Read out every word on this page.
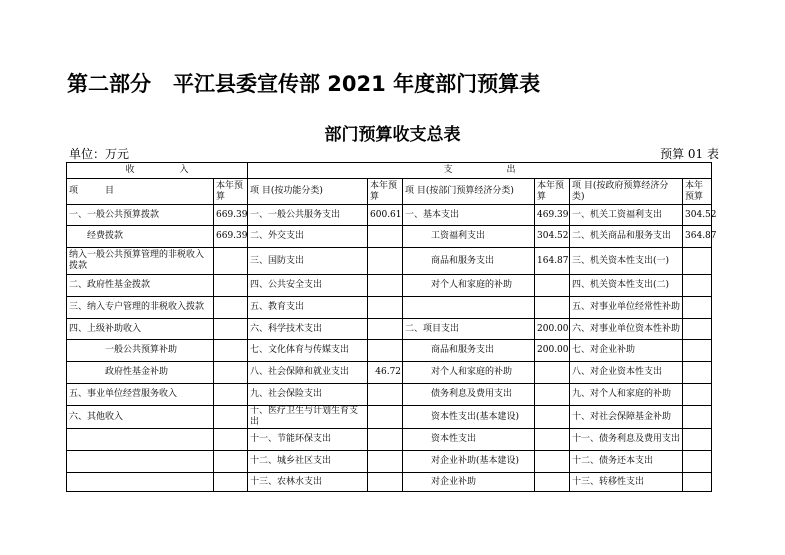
第二部分 平江县委宣传部 2021 年度部门预算表
部门预算收支总表
单位：万元	预算 01 表
收　　　　　入		支　　　　　　出					
项　　　目	本年预算	项 目(按功能分类)	本年预算	项 目(按部门预算经济分类)	本年预算	项 目(按政府预算经济分类)	本年预算
一、一般公共预算拨款	669.39	一、一般公共服务支出	600.61	一、基本支出	469.39	一、机关工资福利支出	304.52
经费拨款	669.39	二、外交支出		工资福利支出	304.52	二、机关商品和服务支出	364.87
纳入一般公共预算管理的非税收入拨款		三、国防支出		商品和服务支出	164.87	三、机关资本性支出(一)	
二、政府性基金拨款		四、公共安全支出		对个人和家庭的补助		四、机关资本性支出(二)	
三、纳入专户管理的非税收入拨款		五、教育支出				五、对事业单位经常性补助	
四、上级补助收入		六、科学技术支出		二、项目支出	200.00	六、对事业单位资本性补助	
一般公共预算补助		七、文化体育与传媒支出		商品和服务支出	200.00	七、对企业补助	
政府性基金补助		八、社会保障和就业支出	46.72	对个人和家庭的补助		八、对企业资本性支出	
五、事业单位经营服务收入		九、社会保险支出		债务利息及费用支出		九、对个人和家庭的补助	
六、其他收入		十、医疗卫生与计划生育支出		资本性支出(基本建设)		十、对社会保障基金补助	
		十一、节能环保支出		资本性支出		十一、债务利息及费用支出	
		十二、城乡社区支出		对企业补助(基本建设)		十二、债务还本支出	
		十三、农林水支出		对企业补助		十三、转移性支出	
